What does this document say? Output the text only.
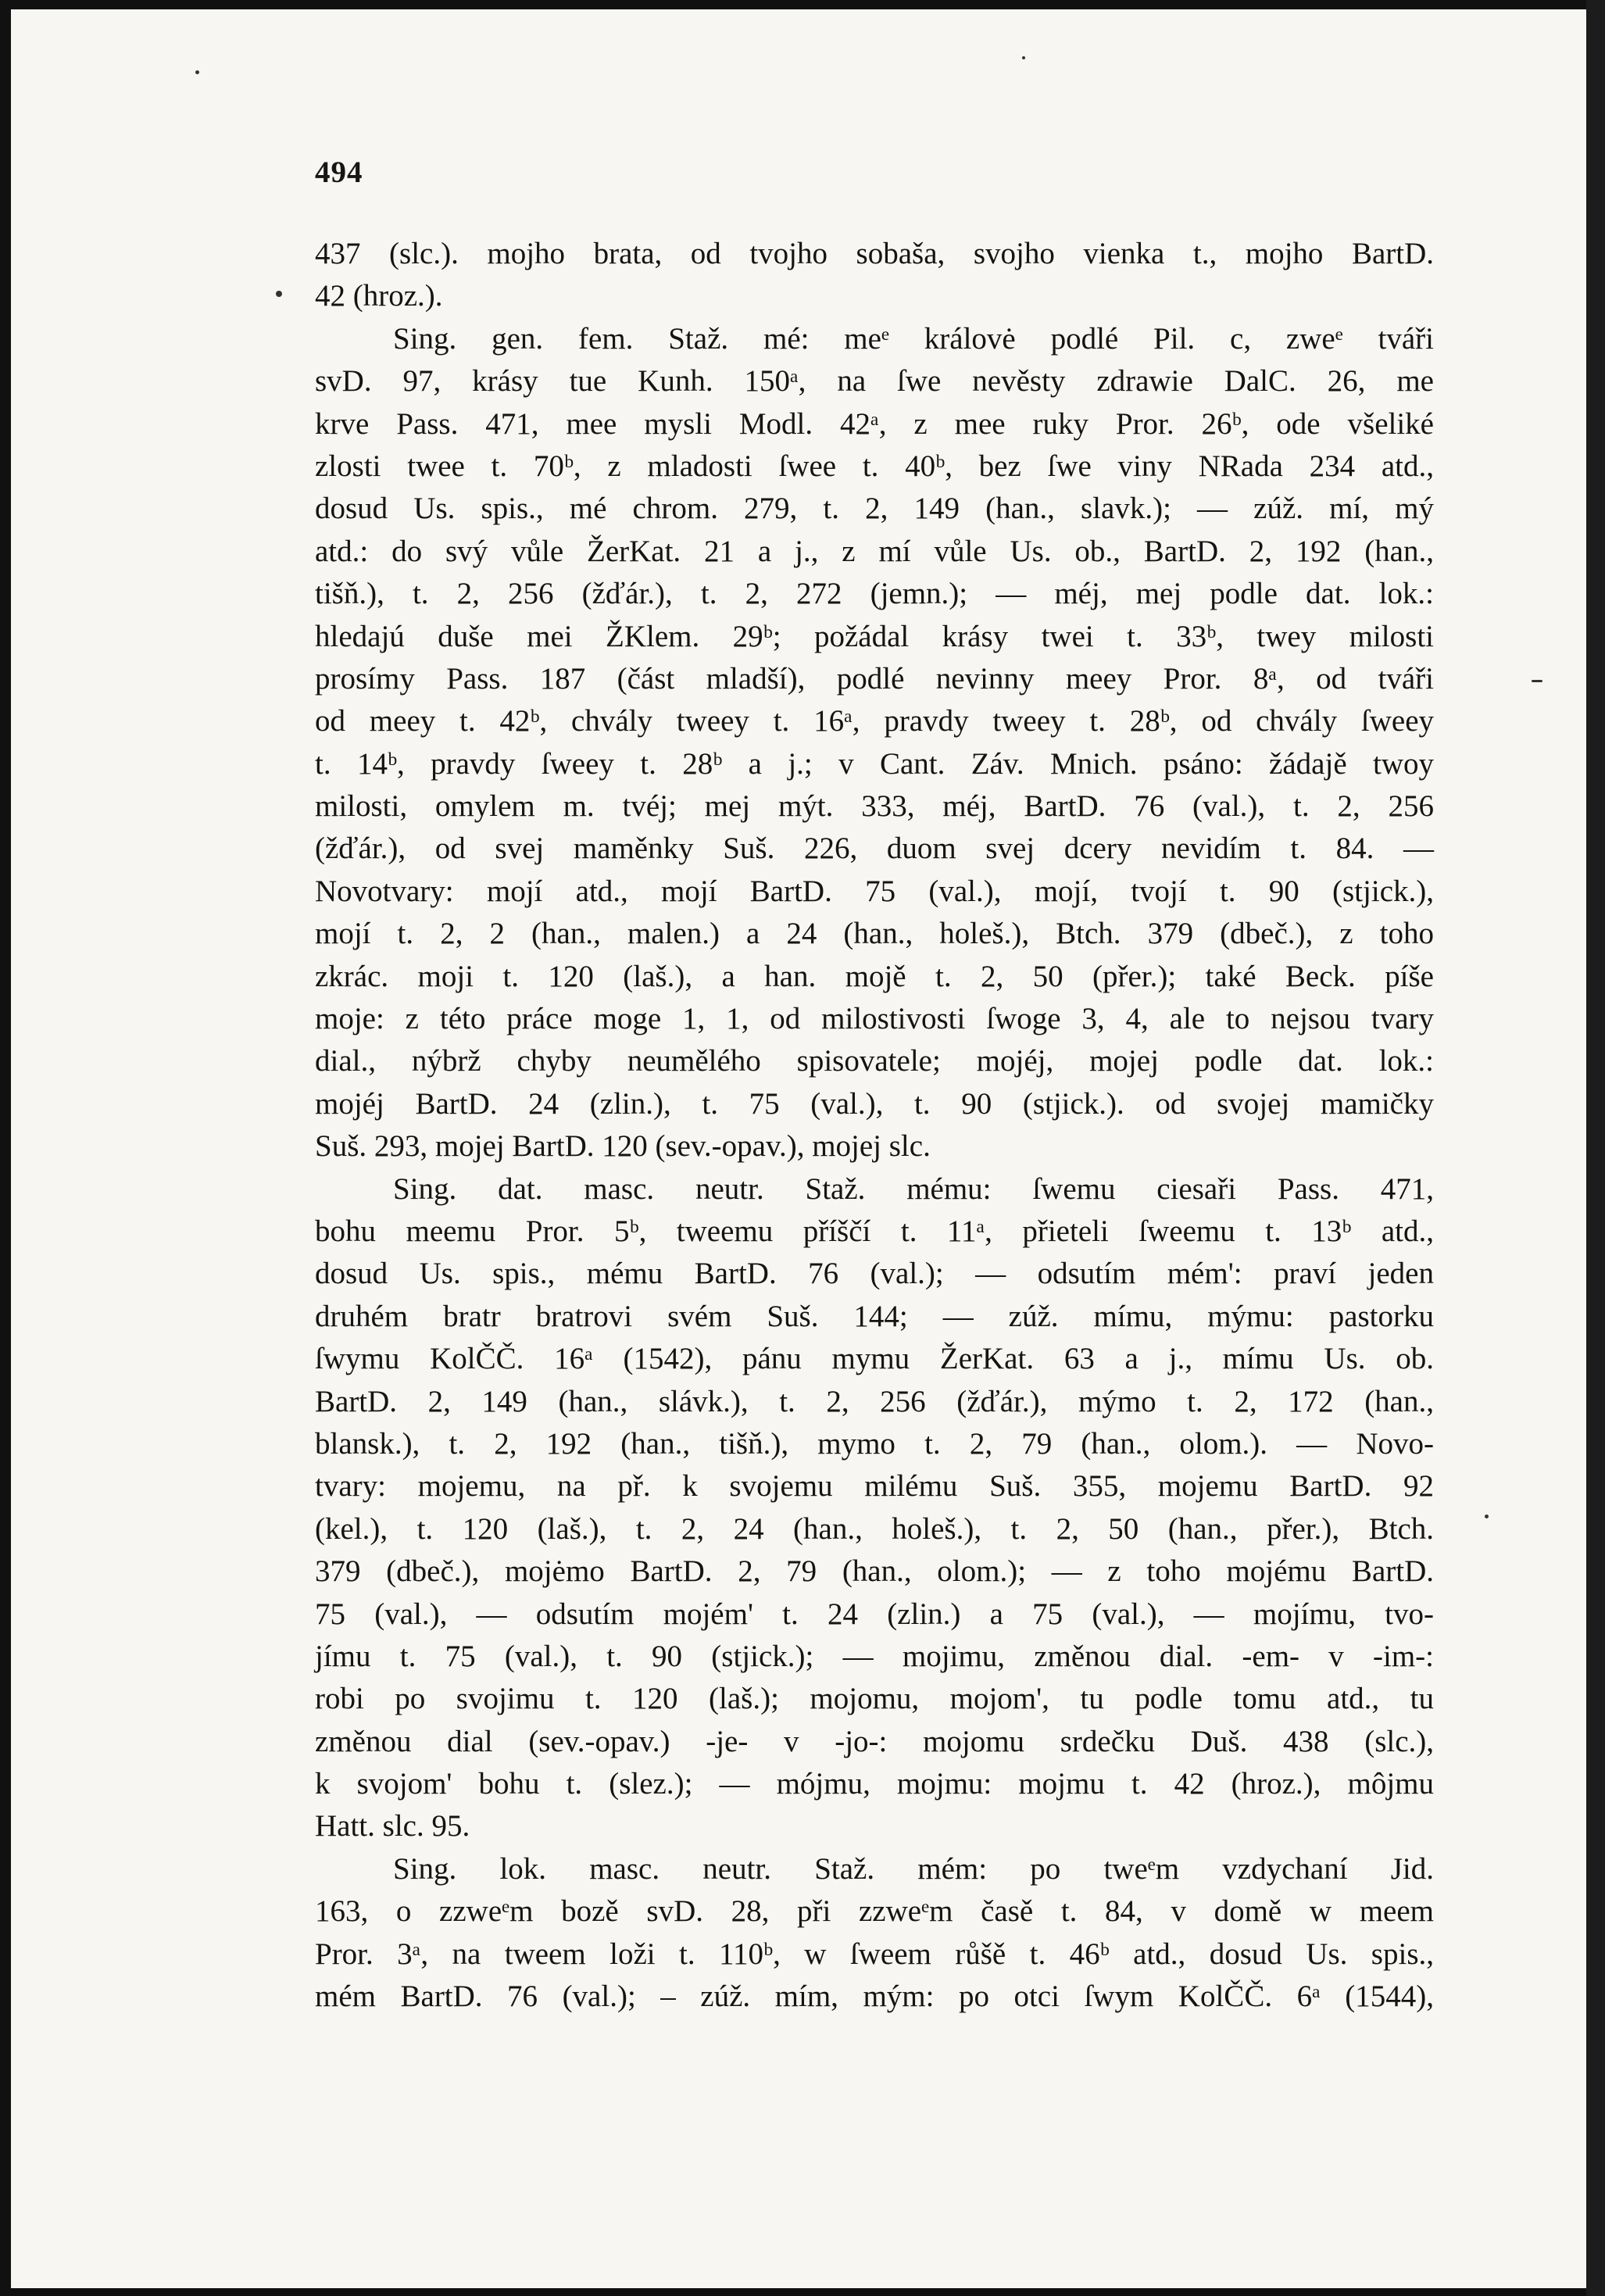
494
437 (slc.). mojho brata, od tvojho sobaša, svojho vienka t., mojho BartD.
42 (hroz.).
Sing. gen. fem. Stаž. mé: meᵉ královė podlé Pil. c, zweᵉ tváři
svD. 97, krásy tue Kunh. 150ᵃ, na ſwe nevěsty zdrawie DalC. 26, me
krve Pass. 471, mee mysli Modl. 42ᵃ, z mee ruky Pror. 26ᵇ, ode všeliké
zlosti twee t. 70ᵇ, z mladosti ſwee t. 40ᵇ, bez ſwe viny NRada 234 atd.,
dosud Us. spis., mé chrom. 279, t. 2, 149 (han., slavk.); — zúž. mí, mý
atd.: do svý vůle ŽerKat. 21 a j., z mí vůle Us. ob., BartD. 2, 192 (han.,
tišň.), t. 2, 256 (žďár.), t. 2, 272 (jemn.); — méj, mej podle dat. lok.:
hledajú duše mei ŽKlem. 29ᵇ; požádal krásy twei t. 33ᵇ, twey milosti
prosímy Pass. 187 (část mladší), podlé nevinny meey Pror. 8ᵃ, od tváři
od meey t. 42ᵇ, chvály tweey t. 16ᵃ, pravdy tweey t. 28ᵇ, od chvály ſweey
t. 14ᵇ, pravdy ſweey t. 28ᵇ a j.; v Cant. Záv. Mnich. psáno: žádajě twoy
milosti, omylem m. tvéj; mej mýt. 333, méj, BartD. 76 (val.), t. 2, 256
(žďár.), od svej maměnky Suš. 226, duom svej dcery nevidím t. 84. —
Novotvary: mojí atd., mojí BartD. 75 (val.), mojí, tvojí t. 90 (stjick.),
mojí t. 2, 2 (han., malen.) a 24 (han., holeš.), Btch. 379 (dbeč.), z toho
zkrác. moji t. 120 (laš.), a han. mojě t. 2, 50 (přer.); také Beck. píše
moje: z této práce moge 1, 1, od milostivosti ſwoge 3, 4, ale to nejsou tvary
dial., nýbrž chyby neumělého spisovatele; mojéj, mojej podle dat. lok.:
mojéj BartD. 24 (zlin.), t. 75 (val.), t. 90 (stjick.). od svojej mamičky
Suš. 293, mojej BartD. 120 (sev.-opav.), mojej slc.
Sing. dat. masc. neutr. Stаž. mému: ſwemu ciesaři Pass. 471,
bohu meemu Pror. 5ᵇ, tweemu příščí t. 11ᵃ, přieteli ſweemu t. 13ᵇ atd.,
dosud Us. spis., mému BartD. 76 (val.); — odsutím mém': praví jeden
druhém bratr bratrovi svém Suš. 144; — zúž. mímu, mýmu: pastorku
ſwymu KolČČ. 16ᵃ (1542), pánu mymu ŽerKat. 63 a j., mímu Us. ob.
BartD. 2, 149 (han., slávk.), t. 2, 256 (žďár.), mýmo t. 2, 172 (han.,
blansk.), t. 2, 192 (han., tišň.), mymo t. 2, 79 (han., olom.). — Novo-
tvary: mojemu, na př. k svojemu milému Suš. 355, mojemu BartD. 92
(kel.), t. 120 (laš.), t. 2, 24 (han., holeš.), t. 2, 50 (han., přer.), Btch.
379 (dbeč.), mojėmo BartD. 2, 79 (han., olom.); — z toho mojému BartD.
75 (val.), — odsutím mojém' t. 24 (zlin.) a 75 (val.), — mojímu, tvo-
jímu t. 75 (val.), t. 90 (stjick.); — mojimu, změnou dial. -em- v -im-:
robi po svojimu t. 120 (laš.); mojomu, mojom', tu podle tomu atd., tu
změnou dial (sev.-opav.) -je- v -jo-: mojomu srdečku Duš. 438 (slc.),
k svojom' bohu t. (slez.); — mójmu, mojmu: mojmu t. 42 (hroz.), môjmu
Hatt. slc. 95.
Sing. lok. masc. neutr. Stаž. mém: po tweᵉm vzdychaní Jid.
163, o zzweᵉm bozě svD. 28, při zzweᵉm časě t. 84, v domě w meem
Pror. 3ᵃ, na tweem loži t. 110ᵇ, w ſweem růšě t. 46ᵇ atd., dosud Us. spis.,
mém BartD. 76 (val.); – zúž. mím, mým: po otci ſwym KolČČ. 6ᵃ (1544),
